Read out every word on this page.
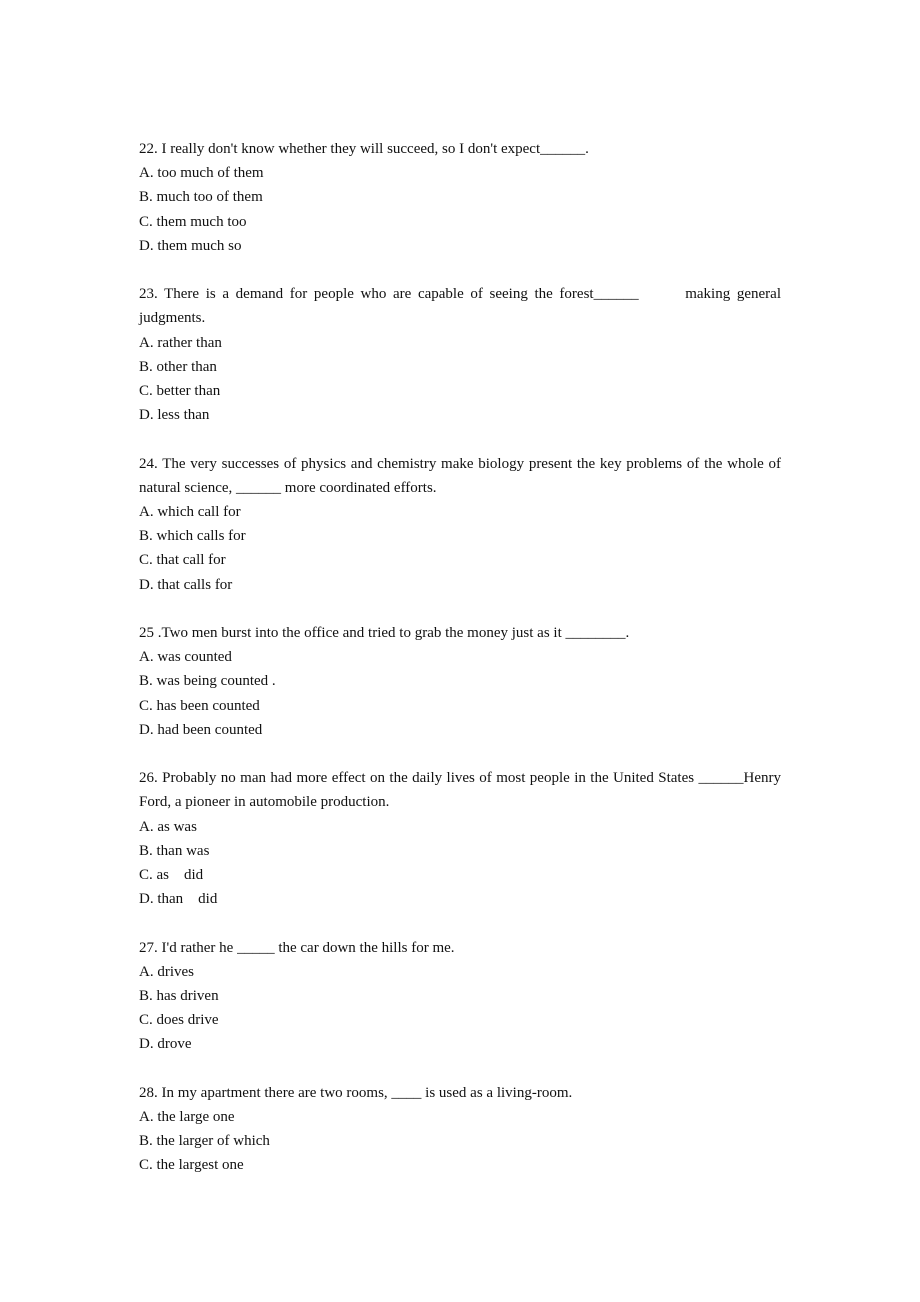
22. I really don't know whether they will succeed, so I don't expect______.

A. too much of them

B. much too of them

C. them much too

D. them much so

23. There is a demand for people who are capable of seeing the forest______	making general judgments.

A. rather than

B. other than

C. better than

D. less than

24. The very successes of physics and chemistry make biology present the key problems of the whole of natural science, ______ more coordinated efforts.

A. which call for

B. which calls for

C. that call for

D. that calls for

25 .Two men burst into the office and tried to grab the money just as it ________.

A. was counted

B. was being counted .

C. has been counted

D. had been counted

26. Probably no man had more effect on the daily lives of most people in the United States ______Henry Ford, a pioneer in automobile production.

A. as was

B. than was

C. as    did

D. than    did

27. I'd rather he _____ the car down the hills for me.

A. drives

B. has driven

C. does drive

D. drove

28. In my apartment there are two rooms, ____ is used as a living-room.

A. the large one

B. the larger of which

C. the largest one
